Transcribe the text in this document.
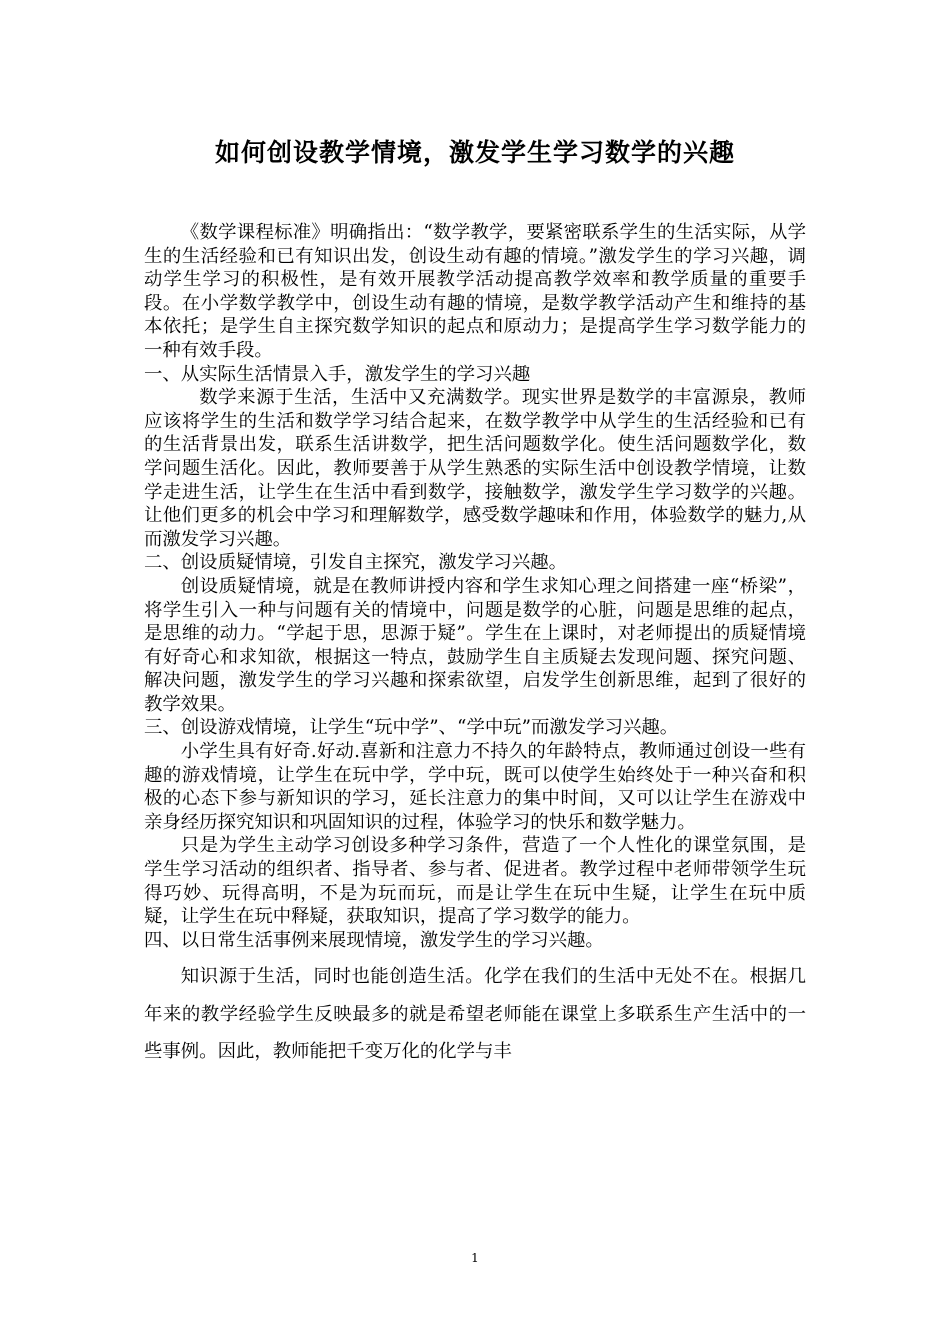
如何创设教学情境，激发学生学习数学的兴趣

《数学课程标准》明确指出：“数学教学，要紧密联系学生的生活实际，从学生的生活经验和已有知识出发，创设生动有趣的情境。”激发学生的学习兴趣，调动学生学习的积极性，是有效开展教学活动提高教学效率和教学质量的重要手段。在小学数学教学中，创设生动有趣的情境，是数学教学活动产生和维持的基本依托；是学生自主探究数学知识的起点和原动力；是提高学生学习数学能力的一种有效手段。

一、从实际生活情景入手，激发学生的学习兴趣

数学来源于生活，生活中又充满数学。现实世界是数学的丰富源泉，教师应该将学生的生活和数学学习结合起来，在数学教学中从学生的生活经验和已有的生活背景出发，联系生活讲数学，把生活问题数学化。使生活问题数学化，数学问题生活化。因此，教师要善于从学生熟悉的实际生活中创设教学情境，让数学走进生活，让学生在生活中看到数学，接触数学，激发学生学习数学的兴趣。让他们更多的机会中学习和理解数学，感受数学趣味和作用，体验数学的魅力,从而激发学习兴趣。

二、创设质疑情境，引发自主探究，激发学习兴趣。

创设质疑情境，就是在教师讲授内容和学生求知心理之间搭建一座“桥梁”，将学生引入一种与问题有关的情境中，问题是数学的心脏，问题是思维的起点，是思维的动力。“学起于思，思源于疑”。学生在上课时，对老师提出的质疑情境有好奇心和求知欲，根据这一特点，鼓励学生自主质疑去发现问题、探究问题、解决问题，激发学生的学习兴趣和探索欲望，启发学生创新思维，起到了很好的教学效果。

三、创设游戏情境，让学生“玩中学”、“学中玩”而激发学习兴趣。

小学生具有好奇.好动.喜新和注意力不持久的年龄特点，教师通过创设一些有趣的游戏情境，让学生在玩中学，学中玩，既可以使学生始终处于一种兴奋和积极的心态下参与新知识的学习，延长注意力的集中时间，又可以让学生在游戏中亲身经历探究知识和巩固知识的过程，体验学习的快乐和数学魅力。

只是为学生主动学习创设多种学习条件，营造了一个人性化的课堂氛围，是学生学习活动的组织者、指导者、参与者、促进者。教学过程中老师带领学生玩得巧妙、玩得高明，不是为玩而玩，而是让学生在玩中生疑，让学生在玩中质疑，让学生在玩中释疑，获取知识，提高了学习数学的能力。

四、以日常生活事例来展现情境，激发学生的学习兴趣。

知识源于生活，同时也能创造生活。化学在我们的生活中无处不在。根据几年来的教学经验学生反映最多的就是希望老师能在课堂上多联系生产生活中的一些事例。因此，教师能把千变万化的化学与丰

1
